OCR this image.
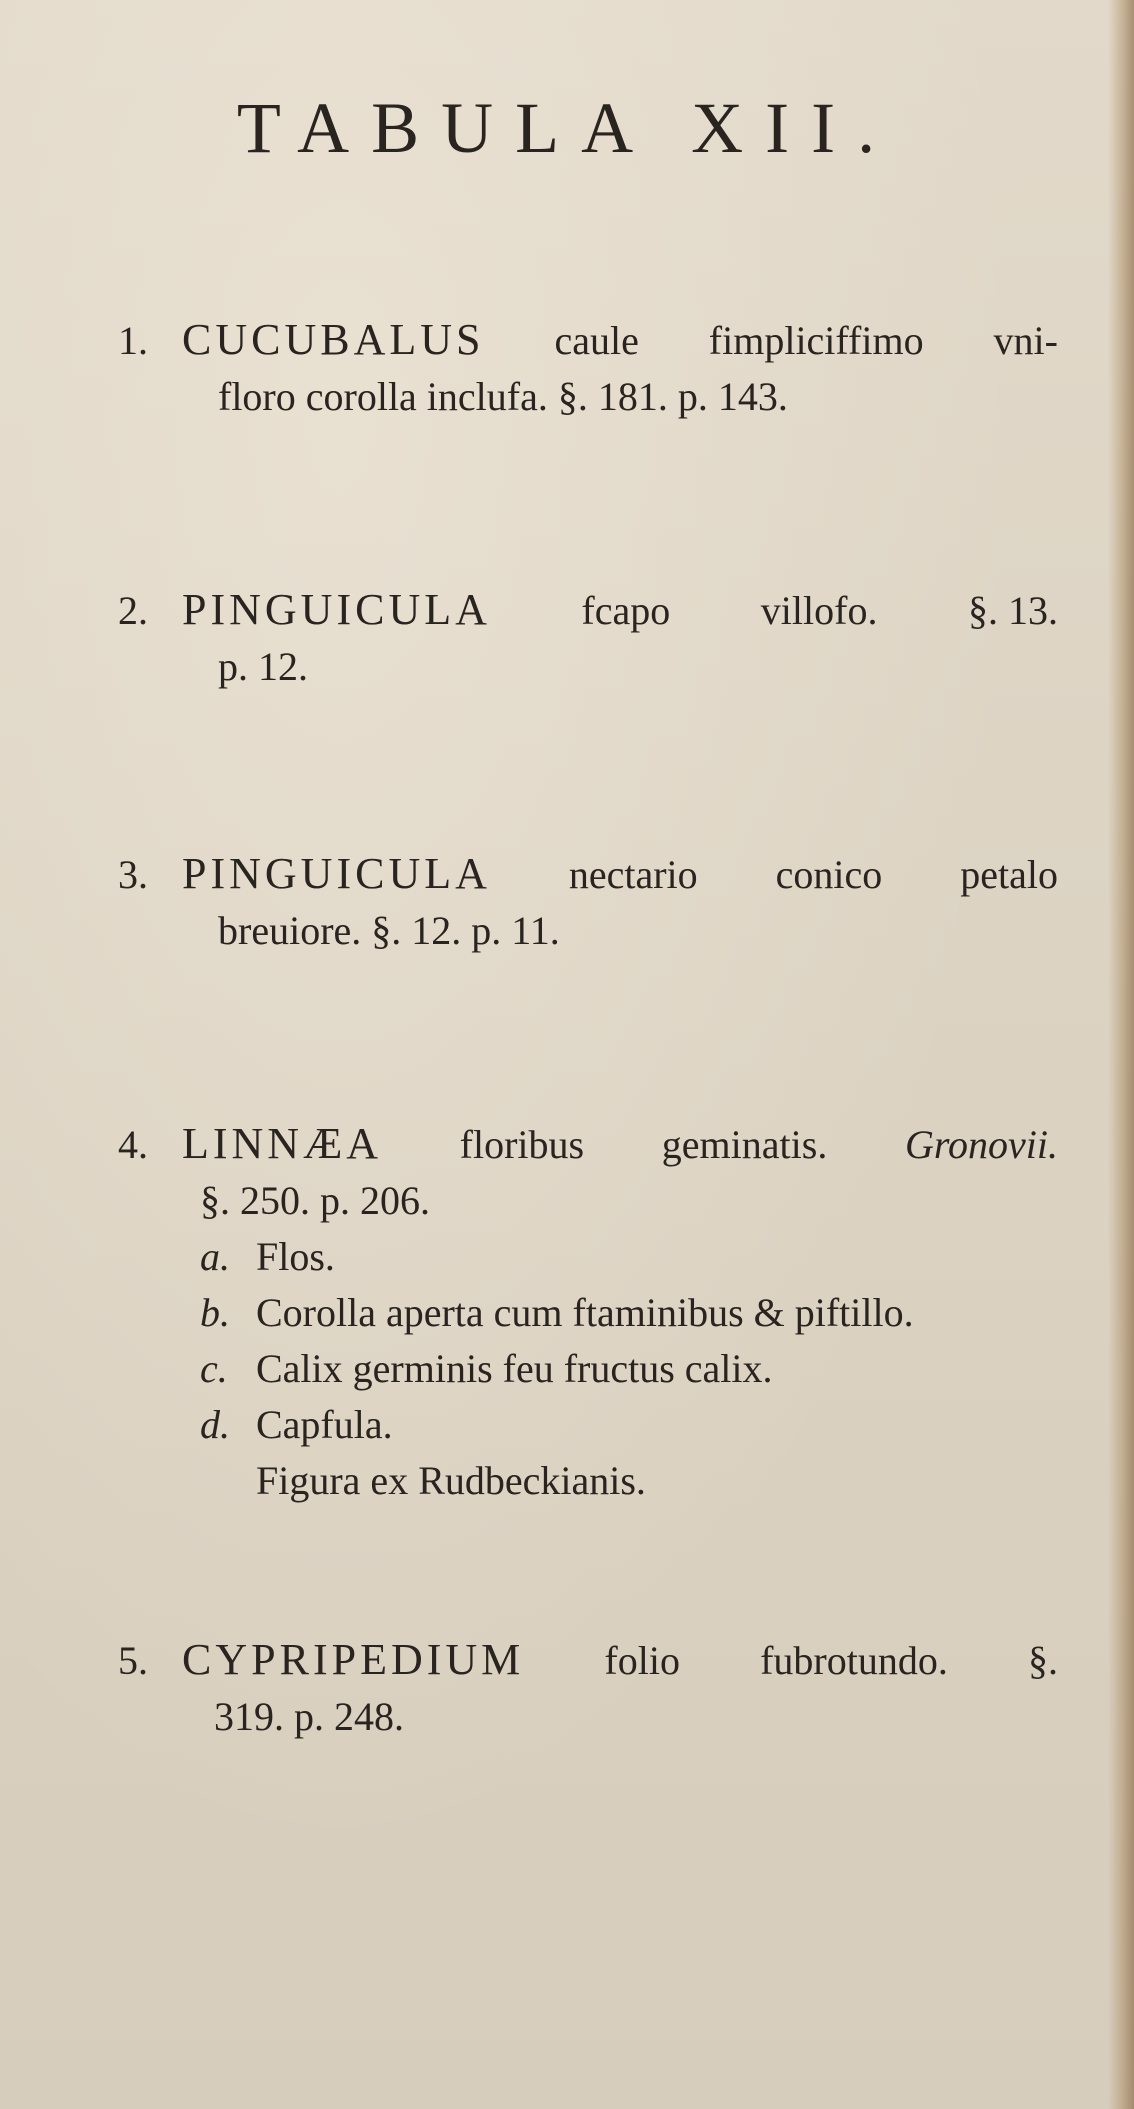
TABULA XII.
1. CUCUBALUS caule fimpliciffimo vni-
floro corolla inclufa. §. 181. p. 143.
2. PINGUICULA fcapo villofo. §. 13.
p. 12.
3. PINGUICULA nectario conico petalo
breuiore. §. 12. p. 11.
4. LINNÆA floribus geminatis. Gronovii.
§. 250. p. 206.
a. Flos.
b. Corolla aperta cum ftaminibus & piftillo.
c. Calix germinis feu fructus calix.
d. Capfula.
Figura ex Rudbeckianis.
5. CYPRIPEDIUM folio fubrotundo. §.
319. p. 248.
